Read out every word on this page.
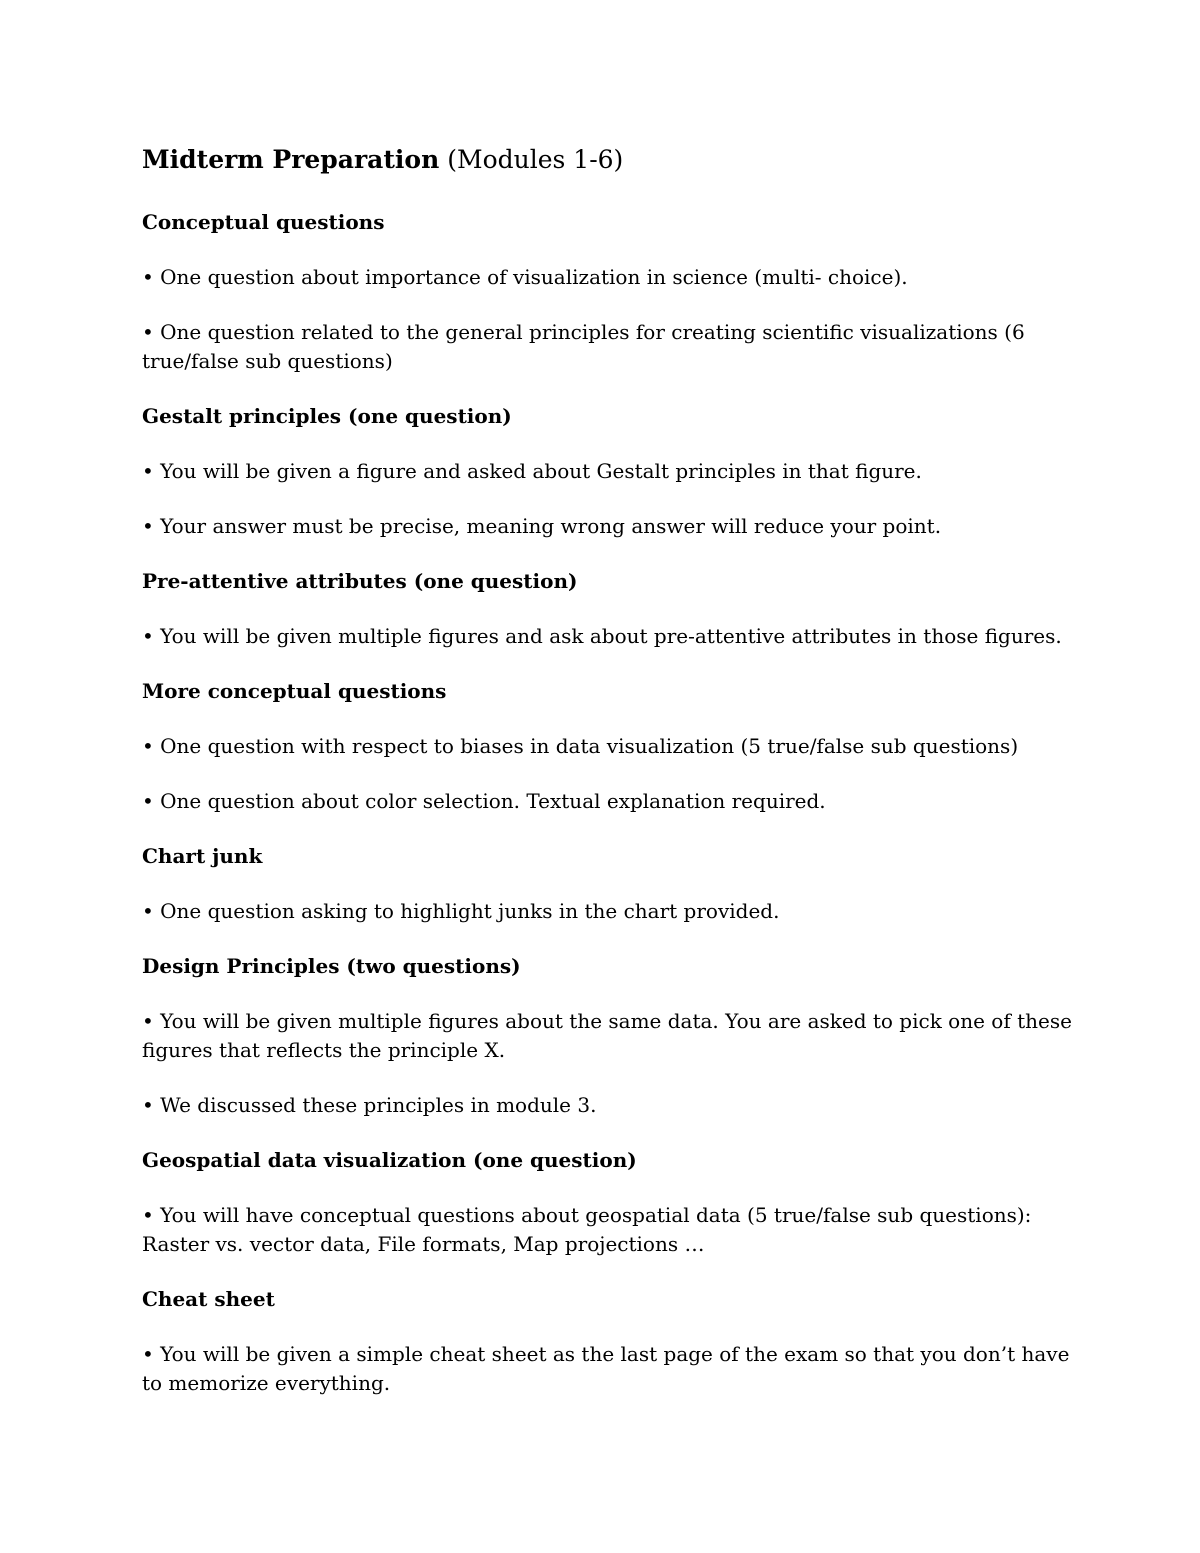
Midterm Preparation (Modules 1-6)
Conceptual questions

• One question about importance of visualization in science (multi- choice).

• One question related to the general principles for creating scientific visualizations (6 true/false sub questions)

Gestalt principles (one question)

• You will be given a figure and asked about Gestalt principles in that figure.

• Your answer must be precise, meaning wrong answer will reduce your point.

Pre-attentive attributes (one question)

• You will be given multiple figures and ask about pre-attentive attributes in those figures.

More conceptual questions

• One question with respect to biases in data visualization (5 true/false sub questions)

• One question about color selection. Textual explanation required.

Chart junk

• One question asking to highlight junks in the chart provided.

Design Principles (two questions)

• You will be given multiple figures about the same data. You are asked to pick one of these figures that reflects the principle X.

• We discussed these principles in module 3.

Geospatial data visualization (one question)

• You will have conceptual questions about geospatial data (5 true/false sub questions): Raster vs. vector data, File formats, Map projections …

Cheat sheet

• You will be given a simple cheat sheet as the last page of the exam so that you don’t have to memorize everything.
